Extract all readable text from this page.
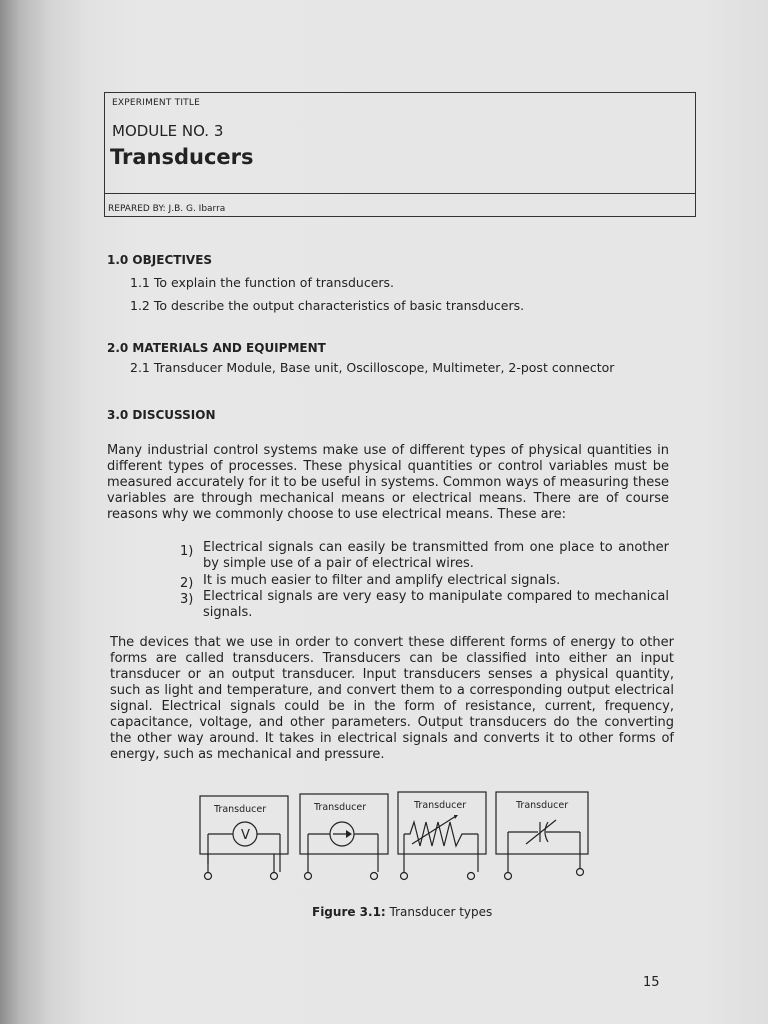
EXPERIMENT TITLE
MODULE NO. 3
Transducers
REPARED BY: J.B. G. Ibarra
1.0 OBJECTIVES
1.1 To explain the function of transducers.
1.2 To describe the output characteristics of basic transducers.
2.0 MATERIALS AND EQUIPMENT
2.1 Transducer Module, Base unit, Oscilloscope, Multimeter, 2-post connector
3.0 DISCUSSION
Many industrial control systems make use of different types of physical quantities in different types of processes. These physical quantities or control variables must be measured accurately for it to be useful in systems. Common ways of measuring these variables are through mechanical means or electrical means. There are of course reasons why we commonly choose to use electrical means. These are:
1) Electrical signals can easily be transmitted from one place to another by simple use of a pair of electrical wires.
2) It is much easier to filter and amplify electrical signals.
3) Electrical signals are very easy to manipulate compared to mechanical signals.
The devices that we use in order to convert these different forms of energy to other forms are called transducers. Transducers can be classified into either an input transducer or an output transducer. Input transducers senses a physical quantity, such as light and temperature, and convert them to a corresponding output electrical signal. Electrical signals could be in the form of resistance, current, frequency, capacitance, voltage, and other parameters. Output transducers do the converting the other way around. It takes in electrical signals and converts it to other forms of energy, such as mechanical and pressure.
Transducer	Transducer	Transducer	Transducer
V
Figure 3.1: Transducer types
15
